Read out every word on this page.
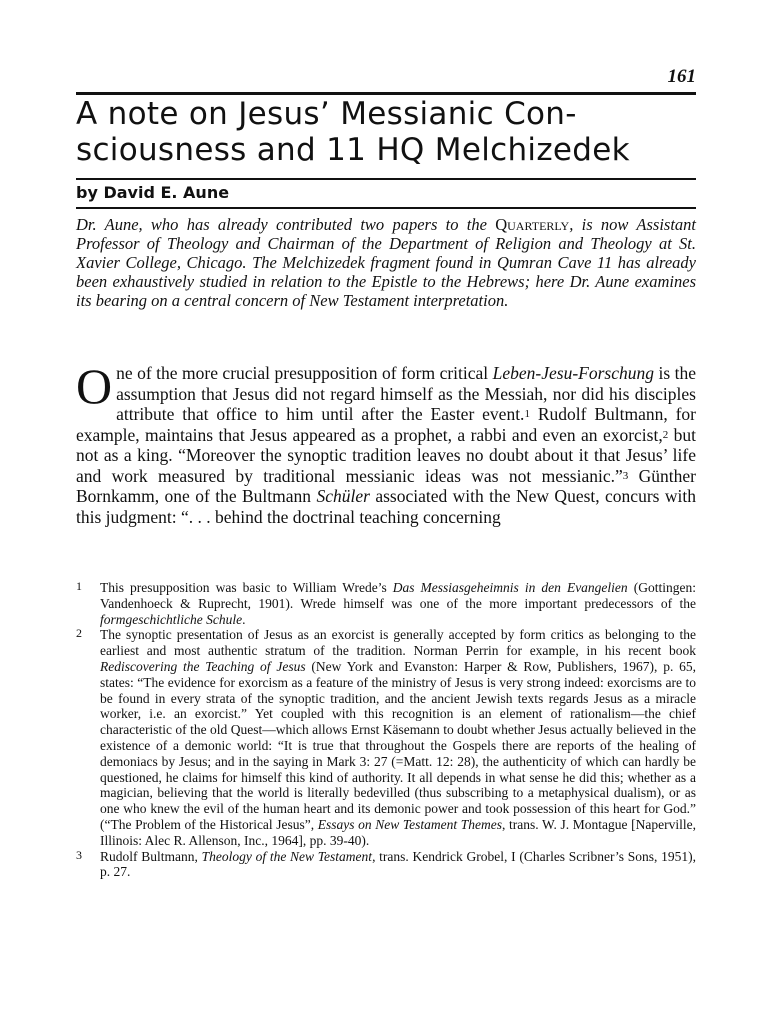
161
A note on Jesus’ Messianic Consciousness and 11 HQ Melchizedek
by David E. Aune

Dr. Aune, who has already contributed two papers to the Quarterly, is now Assistant Professor of Theology and Chairman of the Department of Religion and Theology at St. Xavier College, Chicago. The Melchizedek fragment found in Qumran Cave 11 has already been exhaustively studied in relation to the Epistle to the Hebrews; here Dr. Aune examines its bearing on a central concern of New Testament interpretation.

One of the more crucial presupposition of form critical Leben-Jesu-Forschung is the assumption that Jesus did not regard himself as the Messiah, nor did his disciples attribute that office to him until after the Easter event.1 Rudolf Bultmann, for example, maintains that Jesus appeared as a prophet, a rabbi and even an exorcist,2 but not as a king. “Moreover the synoptic tradition leaves no doubt about it that Jesus’ life and work measured by traditional messianic ideas was not messianic.”3 Günther Bornkamm, one of the Bultmann Schüler associated with the New Quest, concurs with this judgment: “. . . behind the doctrinal teaching concerning

1 This presupposition was basic to William Wrede’s Das Messiasgeheimnis in den Evangelien (Gottingen: Vandenhoeck & Ruprecht, 1901). Wrede himself was one of the more important predecessors of the formgeschichtliche Schule.
2 The synoptic presentation of Jesus as an exorcist is generally accepted by form critics as belonging to the earliest and most authentic stratum of the tradition. Norman Perrin for example, in his recent book Rediscovering the Teaching of Jesus (New York and Evanston: Harper & Row, Publishers, 1967), p. 65, states: “The evidence for exorcism as a feature of the ministry of Jesus is very strong indeed: exorcisms are to be found in every strata of the synoptic tradition, and the ancient Jewish texts regards Jesus as a miracle worker, i.e. an exorcist.” Yet coupled with this recognition is an element of rationalism—the chief characteristic of the old Quest—which allows Ernst Käsemann to doubt whether Jesus actually believed in the existence of a demonic world: “It is true that throughout the Gospels there are reports of the healing of demoniacs by Jesus; and in the saying in Mark 3: 27 (=Matt. 12: 28), the authenticity of which can hardly be questioned, he claims for himself this kind of authority. It all depends in what sense he did this; whether as a magician, believing that the world is literally bedevilled (thus subscribing to a metaphysical dualism), or as one who knew the evil of the human heart and its demonic power and took possession of this heart for God.” (“The Problem of the Historical Jesus”, Essays on New Testament Themes, trans. W. J. Montague [Naperville, Illinois: Alec R. Allenson, Inc., 1964], pp. 39-40).
3 Rudolf Bultmann, Theology of the New Testament, trans. Kendrick Grobel, I (Charles Scribner’s Sons, 1951), p. 27.
